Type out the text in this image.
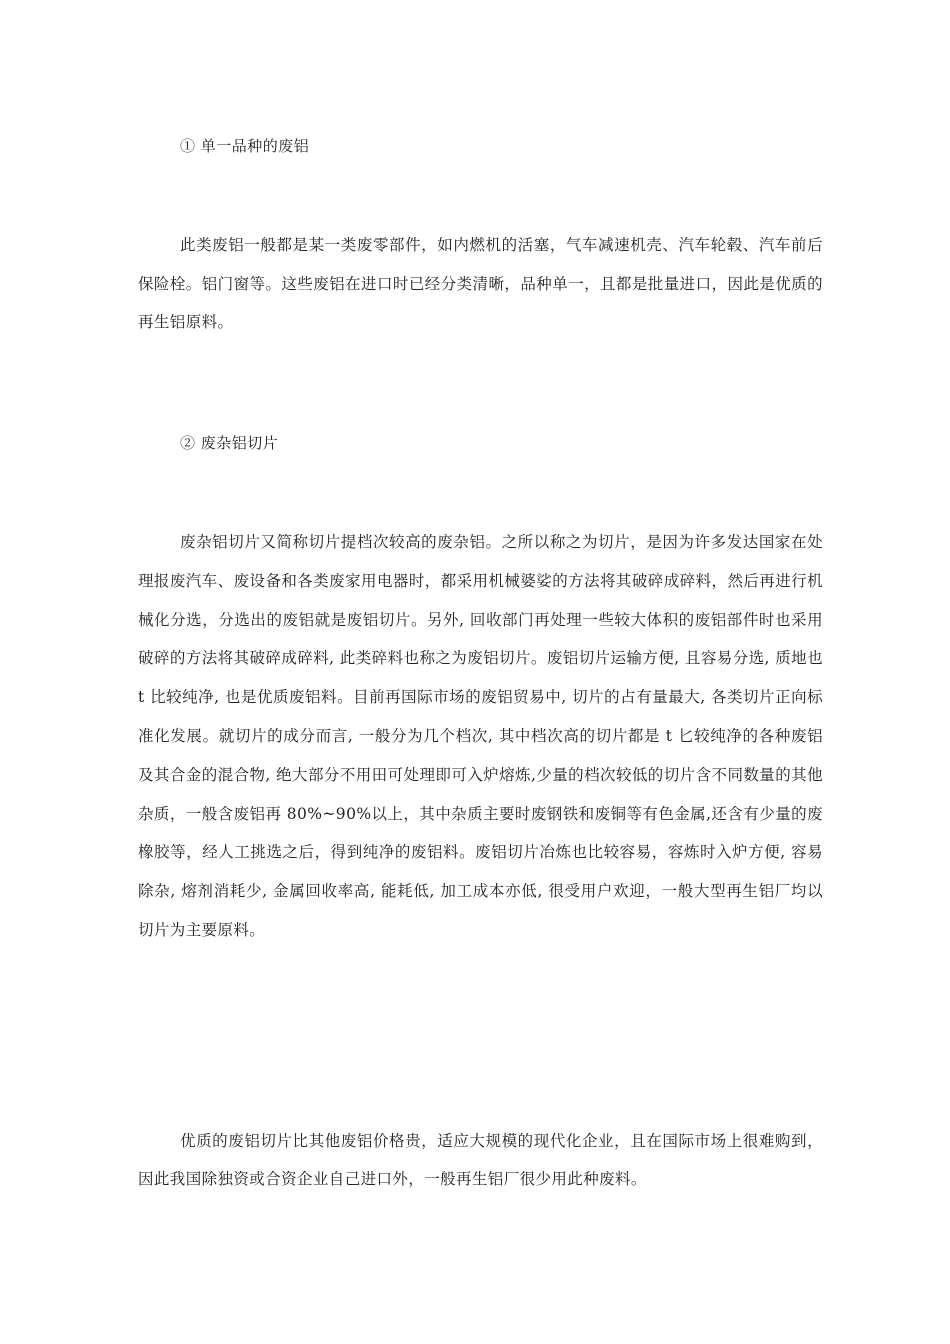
① 单一品种的废铝

此类废铝一般都是某一类废零部件，如内燃机的活塞，气车减速机壳、汽车轮毂、汽车前后保险栓。铝门窗等。这些废铝在进口时已经分类清晰，品种单一，且都是批量进口，因此是优质的再生铝原料。

② 废杂铝切片

废杂铝切片又简称切片提档次较高的废杂铝。之所以称之为切片，是因为许多发达国家在处理报废汽车、废设备和各类废家用电器时，都采用机械婆娑的方法将其破碎成碎料，然后再进行机械化分选，分选出的废铝就是废铝切片。另外, 回收部门再处理一些较大体积的废铝部件时也采用破碎的方法将其破碎成碎料, 此类碎料也称之为废铝切片。废铝切片运输方便, 且容易分选, 质地也 t 比较纯净, 也是优质废铝料。目前再国际市场的废铝贸易中, 切片的占有量最大, 各类切片正向标准化发展。就切片的成分而言, 一般分为几个档次, 其中档次高的切片都是 t 匕较纯净的各种废铝及其合金的混合物, 绝大部分不用田可处理即可入炉熔炼,少量的档次较低的切片含不同数量的其他杂质，一般含废铝再 80%~90%以上，其中杂质主要时废钢铁和废铜等有色金属,还含有少量的废橡胶等，经人工挑选之后，得到纯净的废铝料。废铝切片冶炼也比较容易，容炼时入炉方便, 容易除杂, 熔剂消耗少, 金属回收率高, 能耗低, 加工成本亦低, 很受用户欢迎，一般大型再生铝厂均以切片为主要原料。

优质的废铝切片比其他废铝价格贵，适应大规模的现代化企业，且在国际市场上很难购到，因此我国除独资或合资企业自己进口外，一般再生铝厂很少用此种废料。
